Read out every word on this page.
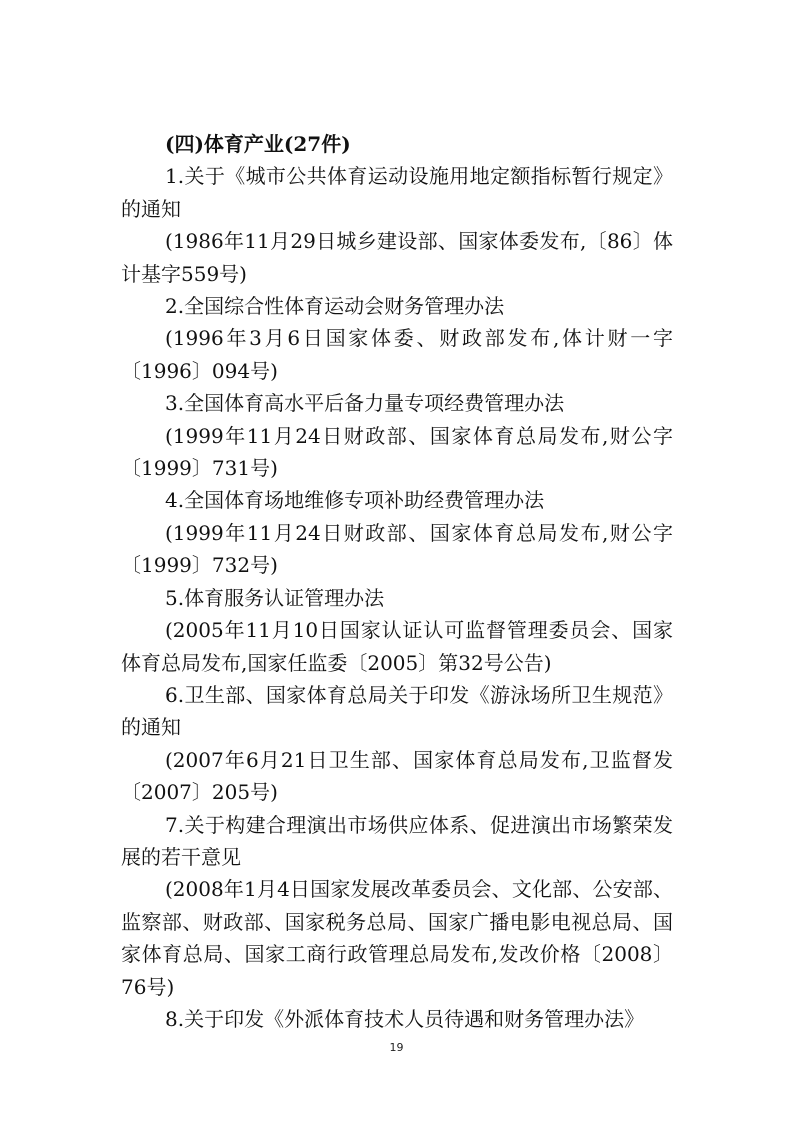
(四)体育产业(27件)

1.关于《城市公共体育运动设施用地定额指标暂行规定》的通知

(1986年11月29日城乡建设部、国家体委发布,〔86〕体计基字559号)

2.全国综合性体育运动会财务管理办法

(1996年3月6日国家体委、财政部发布,体计财一字〔1996〕094号)

3.全国体育高水平后备力量专项经费管理办法

(1999年11月24日财政部、国家体育总局发布,财公字〔1999〕731号)

4.全国体育场地维修专项补助经费管理办法

(1999年11月24日财政部、国家体育总局发布,财公字〔1999〕732号)

5.体育服务认证管理办法

(2005年11月10日国家认证认可监督管理委员会、国家体育总局发布,国家任监委〔2005〕第32号公告)

6.卫生部、国家体育总局关于印发《游泳场所卫生规范》的通知

(2007年6月21日卫生部、国家体育总局发布,卫监督发〔2007〕205号)

7.关于构建合理演出市场供应体系、促进演出市场繁荣发展的若干意见

(2008年1月4日国家发展改革委员会、文化部、公安部、监察部、财政部、国家税务总局、国家广播电影电视总局、国家体育总局、国家工商行政管理总局发布,发改价格〔2008〕76号)

8.关于印发《外派体育技术人员待遇和财务管理办法》

19
